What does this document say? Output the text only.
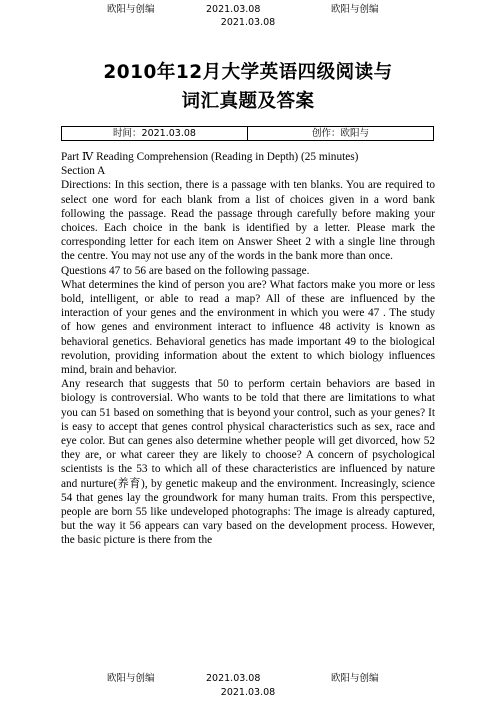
欧阳与创编	2021.03.08	欧阳与创编
2021.03.08
2010年12月大学英语四级阅读与
词汇真题及答案
时间：2021.03.08	创作：欧阳与

Part Ⅳ Reading Comprehension (Reading in Depth) (25 minutes)

Section A

Directions: In this section, there is a passage with ten blanks. You are required to select one word for each blank from a list of choices given in a word bank following the passage. Read the passage through carefully before making your choices. Each choice in the bank is identified by a letter. Please mark the corresponding letter for each item on Answer Sheet 2 with a single line through the centre. You may not use any of the words in the bank more than once.

Questions 47 to 56 are based on the following passage.

What determines the kind of person you are? What factors make you more or less bold, intelligent, or able to read a map? All of these are influenced by the interaction of your genes and the environment in which you were 47 . The study of how genes and environment interact to influence 48 activity is known as behavioral genetics. Behavioral genetics has made important 49 to the biological revolution, providing information about the extent to which biology influences mind, brain and behavior.

Any research that suggests that 50 to perform certain behaviors are based in biology is controversial. Who wants to be told that there are limitations to what you can 51 based on something that is beyond your control, such as your genes? It is easy to accept that genes control physical characteristics such as sex, race and eye color. But can genes also determine whether people will get divorced, how 52 they are, or what career they are likely to choose? A concern of psychological scientists is the 53 to which all of these characteristics are influenced by nature and nurture(养育), by genetic makeup and the environment. Increasingly, science 54 that genes lay the groundwork for many human traits. From this perspective, people are born 55 like undeveloped photographs: The image is already captured, but the way it 56 appears can vary based on the development process. However, the basic picture is there from the

欧阳与创编	2021.03.08	欧阳与创编
2021.03.08
